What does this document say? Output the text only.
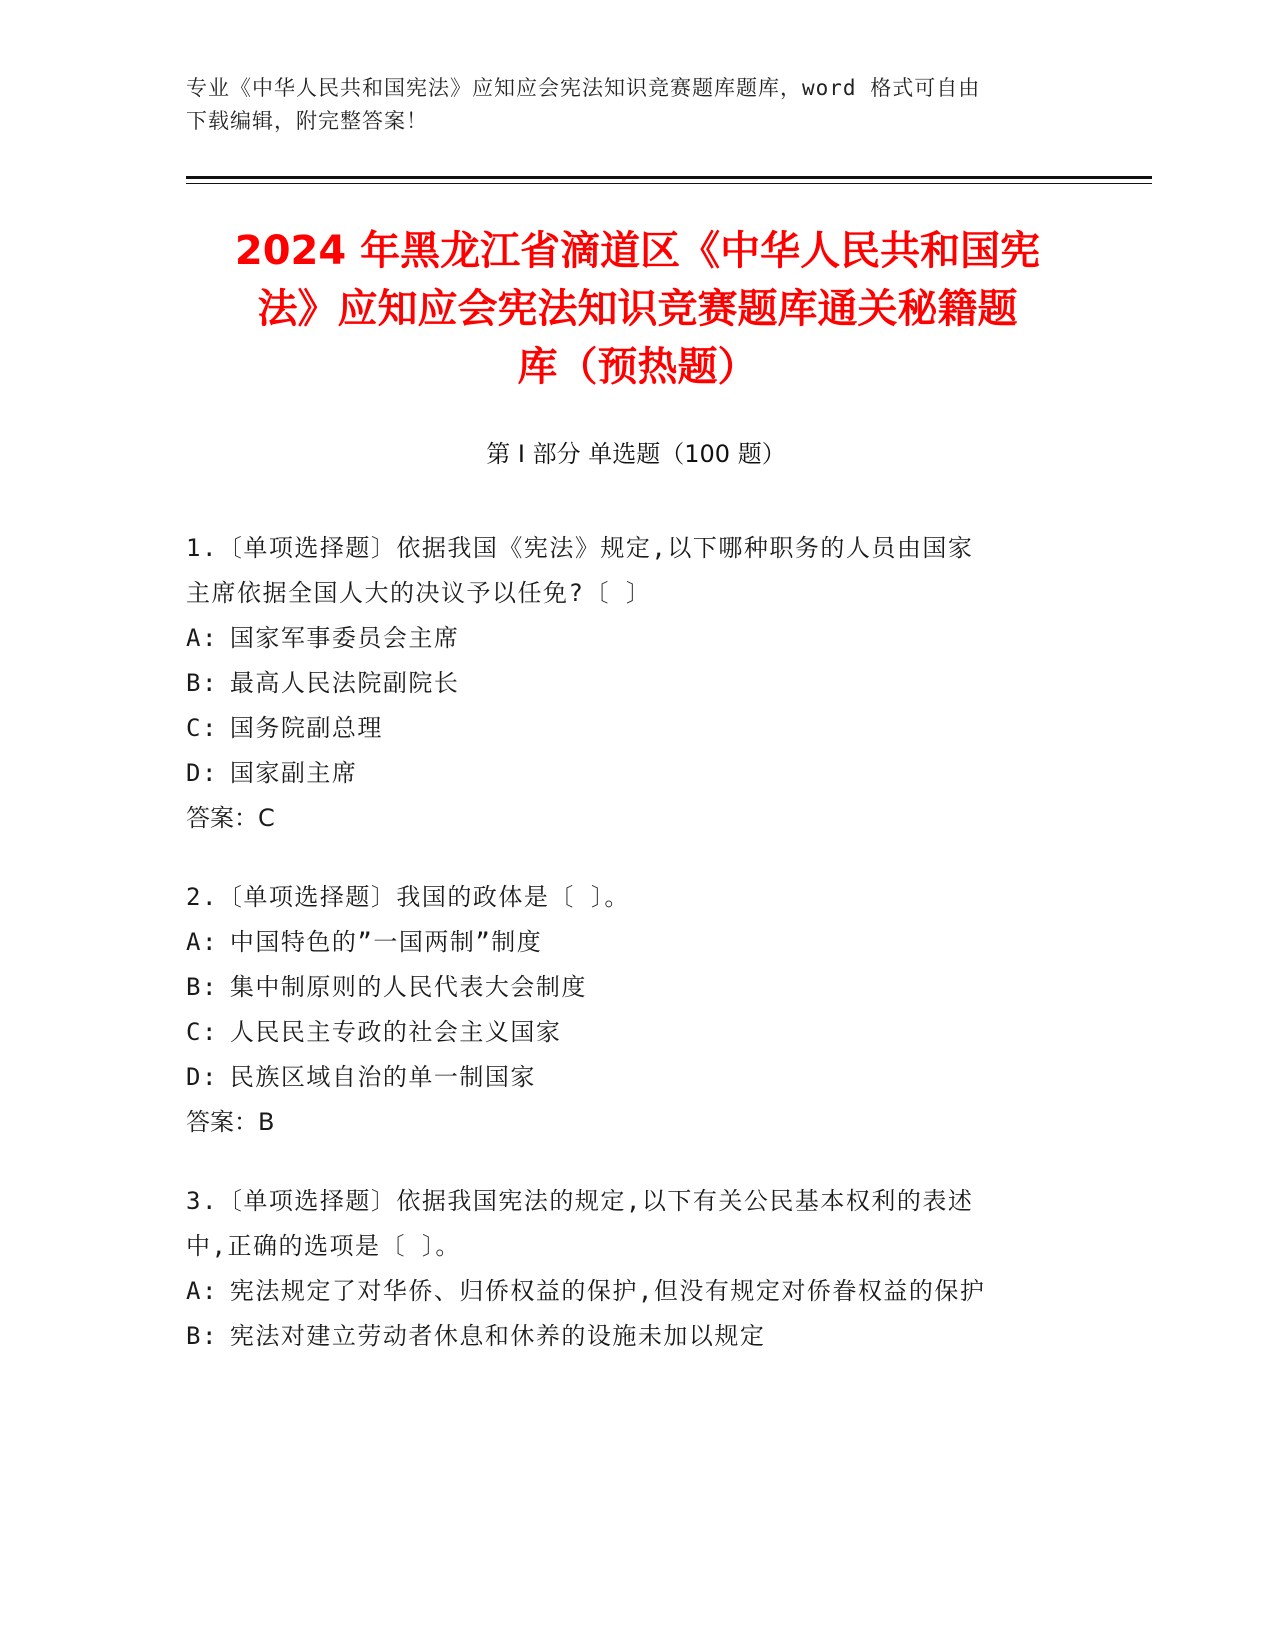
专业《中华人民共和国宪法》应知应会宪法知识竞赛题库题库，word 格式可自由
下载编辑，附完整答案！
2024 年黑龙江省滴道区《中华人民共和国宪
法》应知应会宪法知识竞赛题库通关秘籍题
库（预热题）
第 I 部分 单选题（100 题）
1.〔单项选择题〕依据我国《宪法》规定,以下哪种职务的人员由国家
主席依据全国人大的决议予以任免?〔 〕
A : 国家军事委员会主席
B : 最高人民法院副院长
C : 国务院副总理
D : 国家副主席
答案：C
2.〔单项选择题〕我国的政体是〔 〕。
A : 中国特色的”一国两制”制度
B : 集中制原则的人民代表大会制度
C : 人民民主专政的社会主义国家
D : 民族区域自治的单一制国家
答案：B
3.〔单项选择题〕依据我国宪法的规定,以下有关公民基本权利的表述
中,正确的选项是〔 〕。
A : 宪法规定了对华侨、归侨权益的保护,但没有规定对侨眷权益的保护
B : 宪法对建立劳动者休息和休养的设施未加以规定
